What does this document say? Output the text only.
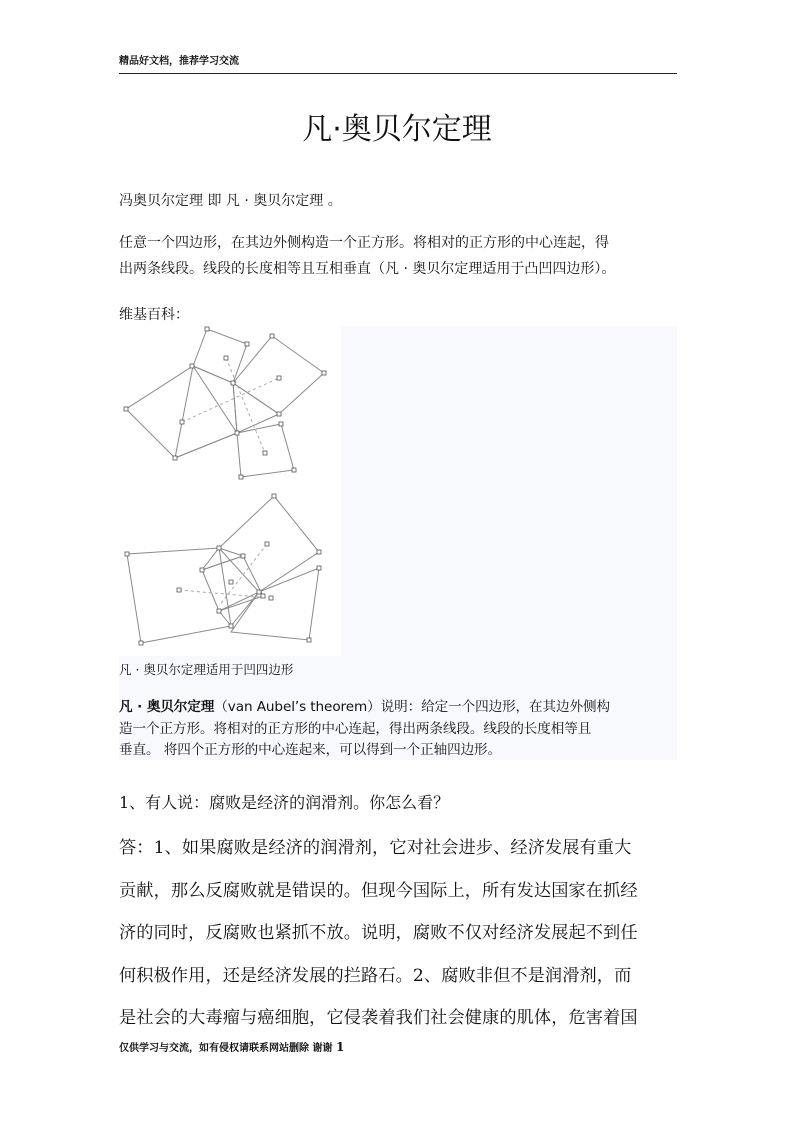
精品好文档，推荐学习交流
凡·奥贝尔定理
冯奥贝尔定理 即 凡 · 奥贝尔定理 。
任意一个四边形，在其边外侧构造一个正方形。将相对的正方形的中心连起，得
出两条线段。线段的长度相等且互相垂直（凡 · 奥贝尔定理适用于凸凹四边形）。
维基百科：
凡 · 奥贝尔定理适用于凹四边形
凡 · 奥贝尔定理（van Aubel’s theorem）说明：给定一个四边形，在其边外侧构
造一个正方形。将相对的正方形的中心连起，得出两条线段。线段的长度相等且
垂直。 将四个正方形的中心连起来，可以得到一个正轴四边形。
1、有人说：腐败是经济的润滑剂。你怎么看？
答：1、如果腐败是经济的润滑剂，它对社会进步、经济发展有重大
贡献，那么反腐败就是错误的。但现今国际上，所有发达国家在抓经
济的同时，反腐败也紧抓不放。说明，腐败不仅对经济发展起不到任
何积极作用，还是经济发展的拦路石。2、腐败非但不是润滑剂，而
是社会的大毒瘤与癌细胞，它侵袭着我们社会健康的肌体，危害着国
仅供学习与交流，如有侵权请联系网站删除 谢谢 1
